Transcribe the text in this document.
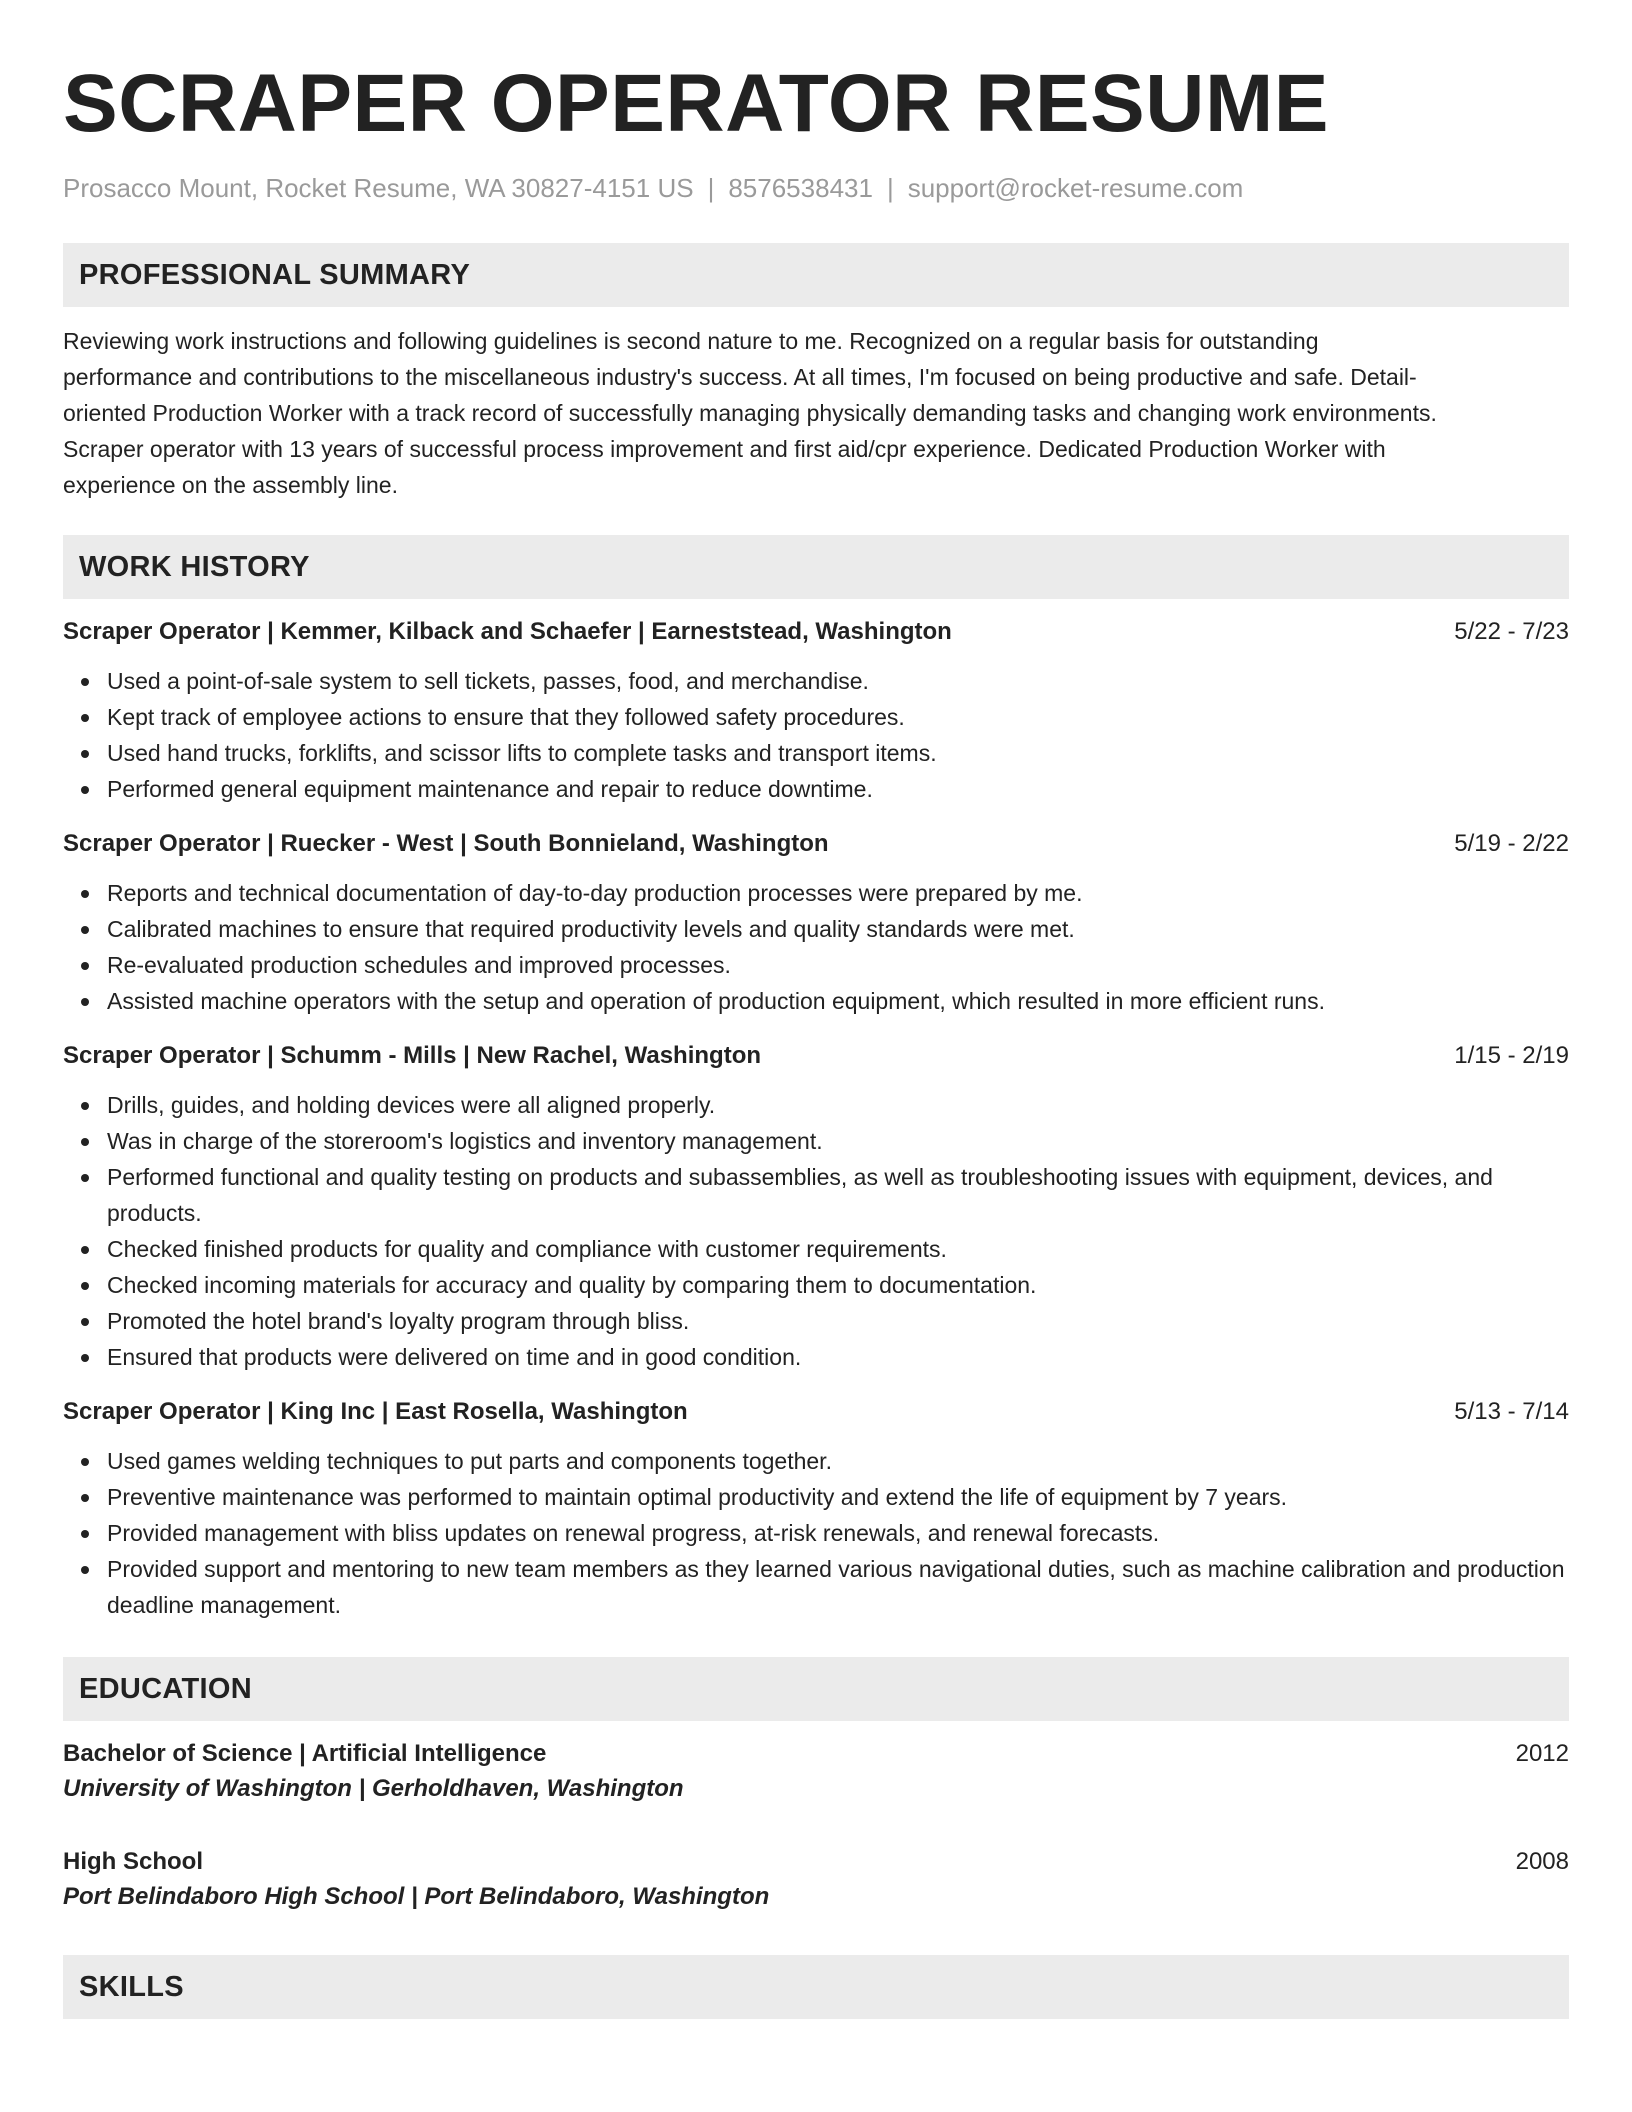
SCRAPER OPERATOR RESUME
Prosacco Mount, Rocket Resume, WA 30827-4151 US | 8576538431 | support@rocket-resume.com
PROFESSIONAL SUMMARY
Reviewing work instructions and following guidelines is second nature to me. Recognized on a regular basis for outstanding
performance and contributions to the miscellaneous industry's success. At all times, I'm focused on being productive and safe. Detail-
oriented Production Worker with a track record of successfully managing physically demanding tasks and changing work environments.
Scraper operator with 13 years of successful process improvement and first aid/cpr experience. Dedicated Production Worker with
experience on the assembly line.
WORK HISTORY
Scraper Operator | Kemmer, Kilback and Schaefer | Earneststead, Washington	5/22 - 7/23
Used a point-of-sale system to sell tickets, passes, food, and merchandise.
Kept track of employee actions to ensure that they followed safety procedures.
Used hand trucks, forklifts, and scissor lifts to complete tasks and transport items.
Performed general equipment maintenance and repair to reduce downtime.
Scraper Operator | Ruecker - West | South Bonnieland, Washington	5/19 - 2/22
Reports and technical documentation of day-to-day production processes were prepared by me.
Calibrated machines to ensure that required productivity levels and quality standards were met.
Re-evaluated production schedules and improved processes.
Assisted machine operators with the setup and operation of production equipment, which resulted in more efficient runs.
Scraper Operator | Schumm - Mills | New Rachel, Washington	1/15 - 2/19
Drills, guides, and holding devices were all aligned properly.
Was in charge of the storeroom's logistics and inventory management.
Performed functional and quality testing on products and subassemblies, as well as troubleshooting issues with equipment, devices, and products.
Checked finished products for quality and compliance with customer requirements.
Checked incoming materials for accuracy and quality by comparing them to documentation.
Promoted the hotel brand's loyalty program through bliss.
Ensured that products were delivered on time and in good condition.
Scraper Operator | King Inc | East Rosella, Washington	5/13 - 7/14
Used games welding techniques to put parts and components together.
Preventive maintenance was performed to maintain optimal productivity and extend the life of equipment by 7 years.
Provided management with bliss updates on renewal progress, at-risk renewals, and renewal forecasts.
Provided support and mentoring to new team members as they learned various navigational duties, such as machine calibration and production deadline management.
EDUCATION
Bachelor of Science | Artificial Intelligence	2012
University of Washington | Gerholdhaven, Washington
High School	2008
Port Belindaboro High School | Port Belindaboro, Washington
SKILLS
